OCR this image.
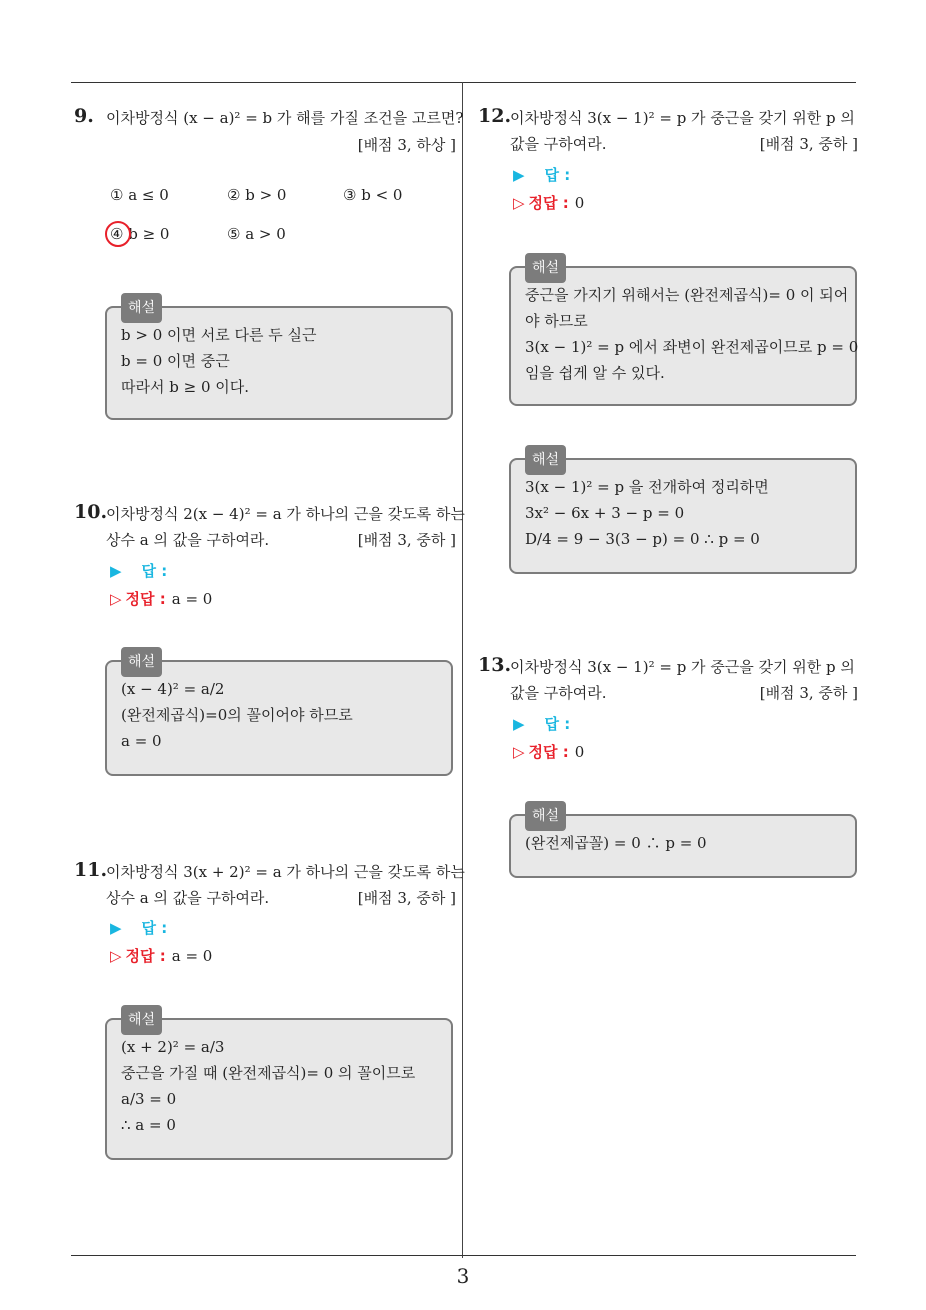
3
9. 이차방정식 (x − a)² = b 가 해를 가질 조건을 고르면?
[배점 3, 하상 ]
① a ≤ 0	② b > 0	③ b < 0
④ b ≥ 0	⑤ a > 0
해설
b > 0 이면 서로 다른 두 실근
b = 0 이면 중근
따라서 b ≥ 0 이다.
10.
이차방정식 2(x − 4)² = a 가 하나의 근을 갖도록 하는
상수 a 의 값을 구하여라.	[배점 3, 중하 ]
▶ 답 :
▷ 정답 : a = 0
해설
(x − 4)² = a/2
(완전제곱식)=0의 꼴이어야 하므로
a = 0
11.
이차방정식 3(x + 2)² = a 가 하나의 근을 갖도록 하는
상수 a 의 값을 구하여라.	[배점 3, 중하 ]
▶ 답 :
▷ 정답 : a = 0
해설
(x + 2)² = a/3
중근을 가질 때 (완전제곱식)= 0 의 꼴이므로
a/3 = 0
∴ a = 0
12.
이차방정식 3(x − 1)² = p 가 중근을 갖기 위한 p 의
값을 구하여라.	[배점 3, 중하 ]
▶ 답 :
▷ 정답 : 0
해설
중근을 가지기 위해서는 (완전제곱식)= 0 이 되어
야 하므로
3(x − 1)² = p 에서 좌변이 완전제곱이므로 p = 0
임을 쉽게 알 수 있다.
해설
3(x − 1)² = p 을 전개하여 정리하면
3x² − 6x + 3 − p = 0
D/4 = 9 − 3(3 − p) = 0 ∴ p = 0
13.
이차방정식 3(x − 1)² = p 가 중근을 갖기 위한 p 의
값을 구하여라.	[배점 3, 중하 ]
▶ 답 :
▷ 정답 : 0
해설
(완전제곱꼴) = 0 ∴ p = 0
